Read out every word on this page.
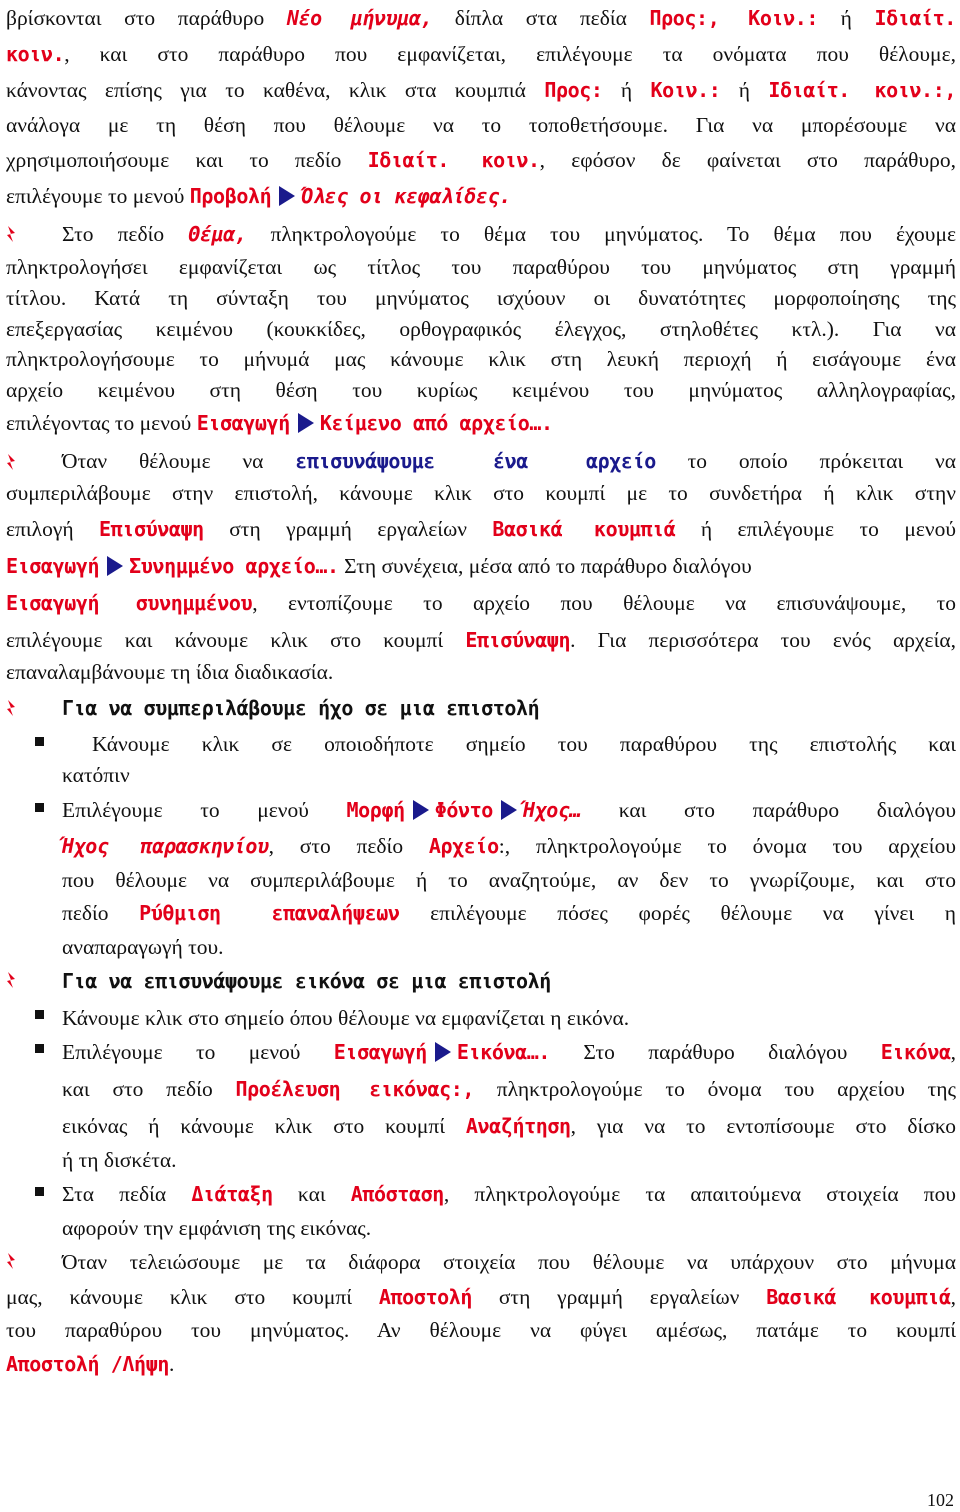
βρίσκονται στο παράθυρο Νέο μήνυμα, δίπλα στα πεδία Προς:, Κοιν.: ή Ιδιαίτ.
κοιν., και στο παράθυρο που εμφανίζεται, επιλέγουμε τα ονόματα που θέλουμε,
κάνοντας επίσης για το καθένα, κλικ στα κουμπιά Προς: ή Κοιν.: ή Ιδιαίτ. κοιν.:,
ανάλογα με τη θέση που θέλουμε να το τοποθετήσουμε. Για να μπορέσουμε να
χρησιμοποιήσουμε και το πεδίο Ιδιαίτ. κοιν., εφόσον δε φαίνεται στο παράθυρο,
επιλέγουμε το μενού Προβολή Όλες οι κεφαλίδες.
Στο πεδίο Θέμα, πληκτρολογούμε το θέμα του μηνύματος. Το θέμα που έχουμε
πληκτρολογήσει εμφανίζεται ως τίτλος του παραθύρου του μηνύματος στη γραμμή
τίτλου. Κατά τη σύνταξη του μηνύματος ισχύουν οι δυνατότητες μορφοποίησης της
επεξεργασίας κειμένου (κουκκίδες, ορθογραφικός έλεγχος, στηλοθέτες κτλ.). Για να
πληκτρολογήσουμε το μήνυμά μας κάνουμε κλικ στη λευκή περιοχή ή εισάγουμε ένα
αρχείο κειμένου στη θέση του κυρίως κειμένου του μηνύματος αλληλογραφίας,
επιλέγοντας το μενού Εισαγωγή Κείμενο από αρχείο….
Όταν θέλουμε να επισυνάψουμε ένα αρχείο το οποίο πρόκειται να
συμπεριλάβουμε στην επιστολή, κάνουμε κλικ στο κουμπί με το συνδετήρα ή κλικ στην
επιλογή Επισύναψη στη γραμμή εργαλείων Βασικά κουμπιά ή επιλέγουμε το μενού
Εισαγωγή Συνημμένο αρχείο…. Στη συνέχεια, μέσα από το παράθυρο διαλόγου
Εισαγωγή συνημμένου, εντοπίζουμε το αρχείο που θέλουμε να επισυνάψουμε, το
επιλέγουμε και κάνουμε κλικ στο κουμπί Επισύναψη. Για περισσότερα του ενός αρχεία,
επαναλαμβάνουμε τη ίδια διαδικασία.
Για να συμπεριλάβουμε ήχο σε μια επιστολή
Κάνουμε κλικ σε οποιοδήποτε σημείο του παραθύρου της επιστολής και
κατόπιν
Επιλέγουμε το μενού Μορφή Φόντο Ήχος… και στο παράθυρο διαλόγου
Ήχος παρασκηνίου, στο πεδίο Αρχείο:, πληκτρολογούμε το όνομα του αρχείου
που θέλουμε να συμπεριλάβουμε ή το αναζητούμε, αν δεν το γνωρίζουμε, και στο
πεδίο Ρύθμιση επαναλήψεων επιλέγουμε πόσες φορές θέλουμε να γίνει η
αναπαραγωγή του.
Για να επισυνάψουμε εικόνα σε μια επιστολή
Κάνουμε κλικ στο σημείο όπου θέλουμε να εμφανίζεται η εικόνα.
Επιλέγουμε το μενού Εισαγωγή Εικόνα…. Στο παράθυρο διαλόγου Εικόνα,
και στο πεδίο Προέλευση εικόνας:, πληκτρολογούμε το όνομα του αρχείου της
εικόνας ή κάνουμε κλικ στο κουμπί Αναζήτηση, για να το εντοπίσουμε στο δίσκο
ή τη δισκέτα.
Στα πεδία Διάταξη και Απόσταση, πληκτρολογούμε τα απαιτούμενα στοιχεία που
αφορούν την εμφάνιση της εικόνας.
Όταν τελειώσουμε με τα διάφορα στοιχεία που θέλουμε να υπάρχουν στο μήνυμα
μας, κάνουμε κλικ στο κουμπί Αποστολή στη γραμμή εργαλείων Βασικά κουμπιά,
του παραθύρου του μηνύματος. Αν θέλουμε να φύγει αμέσως, πατάμε το κουμπί
Αποστολή /Λήψη.
102
